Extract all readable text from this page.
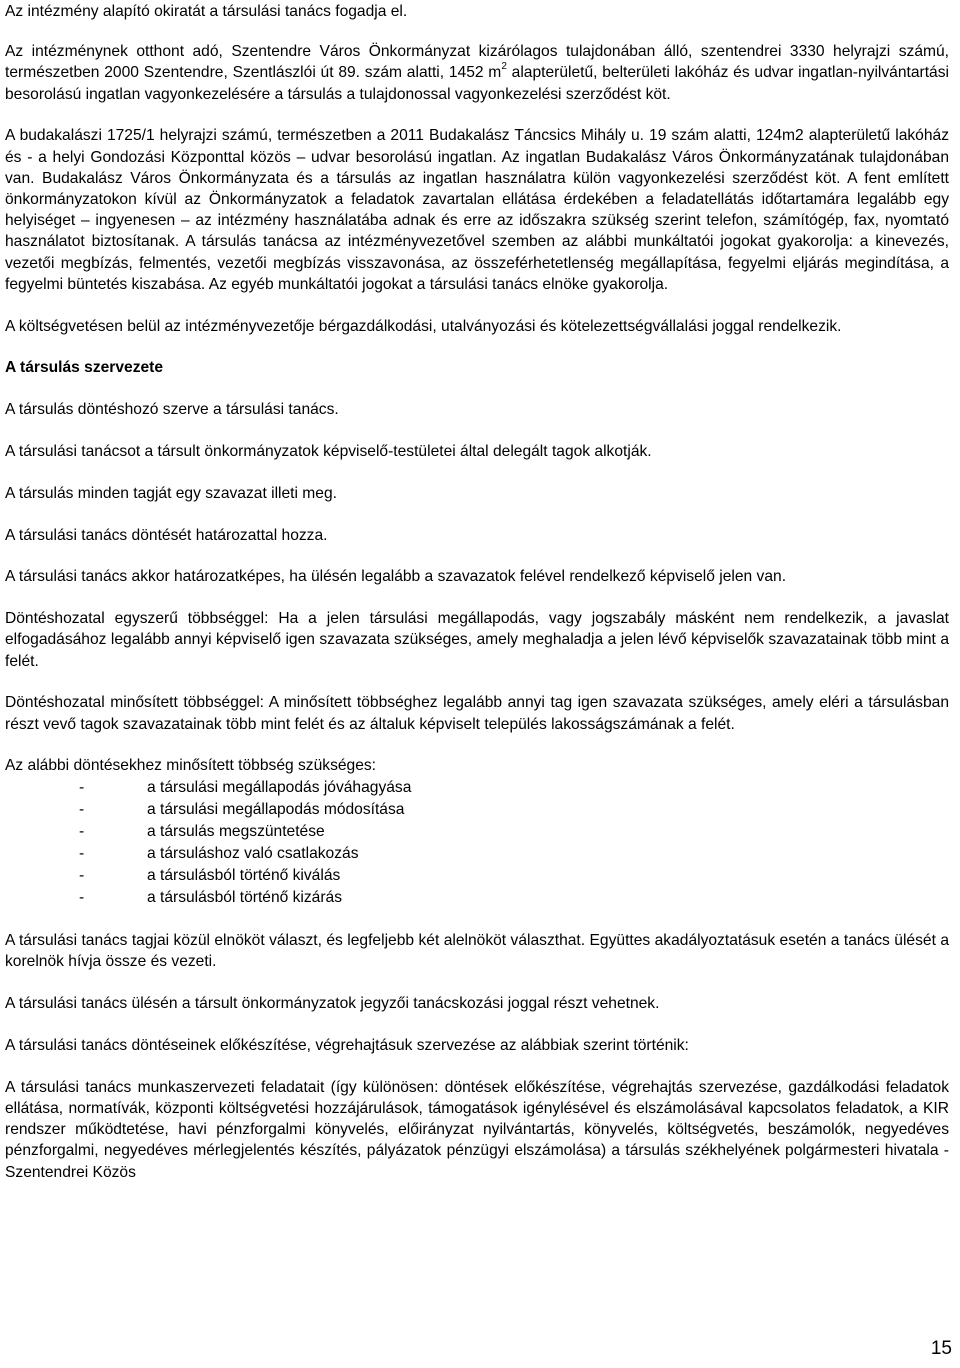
Az intézmény alapító okiratát a társulási tanács fogadja el.

Az intézménynek otthont adó, Szentendre Város Önkormányzat kizárólagos tulajdonában álló, szentendrei 3330 helyrajzi számú, természetben 2000 Szentendre, Szentlászlói út 89. szám alatti, 1452 $m^2$ alapterületű, belterületi lakóház és udvar ingatlan-nyilvántartási besorolású ingatlan vagyonkezelésére a társulás a tulajdonossal vagyonkezelési szerződést köt.

A budakalászi 1725/1 helyrajzi számú, természetben a 2011 Budakalász Táncsics Mihály u. 19 szám alatti, 124m2 alapterületű lakóház és - a helyi Gondozási Központtal közös – udvar besorolású ingatlan. Az ingatlan Budakalász Város Önkormányzatának tulajdonában van. Budakalász Város Önkormányzata és a társulás az ingatlan használatra külön vagyonkezelési szerződést köt. A fent említett önkormányzatokon kívül az Önkormányzatok a feladatok zavartalan ellátása érdekében a feladatellátás időtartamára legalább egy helyiséget – ingyenesen – az intézmény használatába adnak és erre az időszakra szükség szerint telefon, számítógép, fax, nyomtató használatot biztosítanak. A társulás tanácsa az intézményvezetővel szemben az alábbi munkáltatói jogokat gyakorolja: a kinevezés, vezetői megbízás, felmentés, vezetői megbízás visszavonása, az összeférhetetlenség megállapítása, fegyelmi eljárás megindítása, a fegyelmi büntetés kiszabása. Az egyéb munkáltatói jogokat a társulási tanács elnöke gyakorolja.

A költségvetésen belül az intézményvezetője bérgazdálkodási, utalványozási és kötelezettségvállalási joggal rendelkezik.

A társulás szervezete

A társulás döntéshozó szerve a társulási tanács.

A társulási tanácsot a társult önkormányzatok képviselő-testületei által delegált tagok alkotják.

A társulás minden tagját egy szavazat illeti meg.

A társulási tanács döntését határozattal hozza.

A társulási tanács akkor határozatképes, ha ülésén legalább a szavazatok felével rendelkező képviselő jelen van.

Döntéshozatal egyszerű többséggel: Ha a jelen társulási megállapodás, vagy jogszabály másként nem rendelkezik, a javaslat elfogadásához legalább annyi képviselő igen szavazata szükséges, amely meghaladja a jelen lévő képviselők szavazatainak több mint a felét.

Döntéshozatal minősített többséggel: A minősített többséghez legalább annyi tag igen szavazata szükséges, amely eléri a társulásban részt vevő tagok szavazatainak több mint felét és az általuk képviselt település lakosságszámának a felét.

Az alábbi döntésekhez minősített többség szükséges:

-	a társulási megállapodás jóváhagyása
-	a társulási megállapodás módosítása
-	a társulás megszüntetése
-	a társuláshoz való csatlakozás
-	a társulásból történő kiválás
-	a társulásból történő kizárás

A társulási tanács tagjai közül elnököt választ, és legfeljebb két alelnököt választhat. Együttes akadályoztatásuk esetén a tanács ülését a korelnök hívja össze és vezeti.

A társulási tanács ülésén a társult önkormányzatok jegyzői tanácskozási joggal részt vehetnek.

A társulási tanács döntéseinek előkészítése, végrehajtásuk szervezése az alábbiak szerint történik:

A társulási tanács munkaszervezeti feladatait (így különösen: döntések előkészítése, végrehajtás szervezése, gazdálkodási feladatok ellátása, normatívák, központi költségvetési hozzájárulások, támogatások igénylésével és elszámolásával kapcsolatos feladatok, a KIR rendszer működtetése, havi pénzforgalmi könyvelés, előirányzat nyilvántartás, könyvelés, költségvetés, beszámolók, negyedéves pénzforgalmi, negyedéves mérlegjelentés készítés, pályázatok pénzügyi elszámolása) a társulás székhelyének polgármesteri hivatala - Szentendrei Közös

15
